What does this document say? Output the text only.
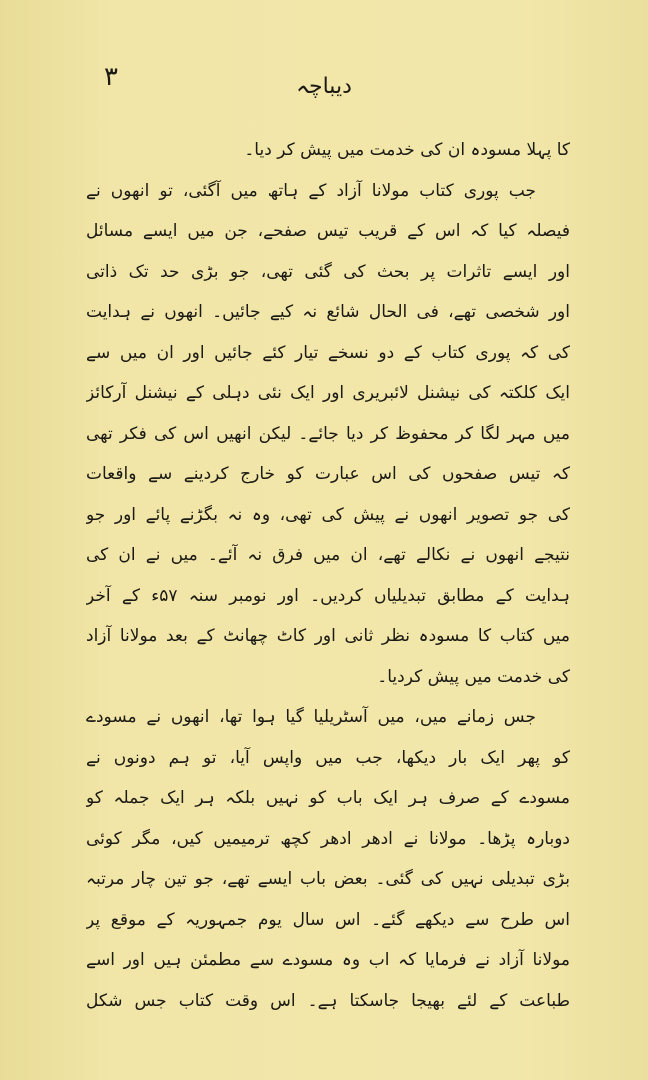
۳	دیباچہ
کا پہلا مسودہ ان کی خدمت میں پیش کر دیا۔
جب پوری کتاب مولانا آزاد کے ہاتھ میں آگئی، تو انھوں نے
فیصلہ کیا کہ اس کے قریب تیس صفحے، جن میں ایسے مسائل
اور ایسے تاثرات پر بحث کی گئی تھی، جو بڑی حد تک ذاتی
اور شخصی تھے، فی الحال شائع نہ کیے جائیں۔ انھوں نے ہدایت
کی کہ پوری کتاب کے دو نسخے تیار کئے جائیں اور ان میں سے
ایک کلکتہ کی نیشنل لائبریری اور ایک نئی دہلی کے نیشنل آرکائز
میں مہر لگا کر محفوظ کر دیا جائے۔ لیکن انھیں اس کی فکر تھی
کہ تیس صفحوں کی اس عبارت کو خارج کردینے سے واقعات
کی جو تصویر انھوں نے پیش کی تھی، وہ نہ بگڑنے پائے اور جو
نتیجے انھوں نے نکالے تھے، ان میں فرق نہ آئے۔ میں نے ان کی
ہدایت کے مطابق تبدیلیاں کردیں۔ اور نومبر سنہ ۵۷ء کے آخر
میں کتاب کا مسودہ نظر ثانی اور کاٹ چھانٹ کے بعد مولانا آزاد
کی خدمت میں پیش کردیا۔
جس زمانے میں، میں آسٹریلیا گیا ہوا تھا، انھوں نے مسودے
کو پھر ایک بار دیکھا، جب میں واپس آیا، تو ہم دونوں نے
مسودے کے صرف ہر ایک باب کو نہیں بلکہ ہر ایک جملہ کو
دوبارہ پڑھا۔ مولانا نے ادھر ادھر کچھ ترمیمیں کیں، مگر کوئی
بڑی تبدیلی نہیں کی گئی۔ بعض باب ایسے تھے، جو تین چار مرتبہ
اس طرح سے دیکھے گئے۔ اس سال یوم جمہوریہ کے موقع پر
مولانا آزاد نے فرمایا کہ اب وہ مسودے سے مطمئن ہیں اور اسے
طباعت کے لئے بھیجا جاسکتا ہے۔ اس وقت کتاب جس شکل
